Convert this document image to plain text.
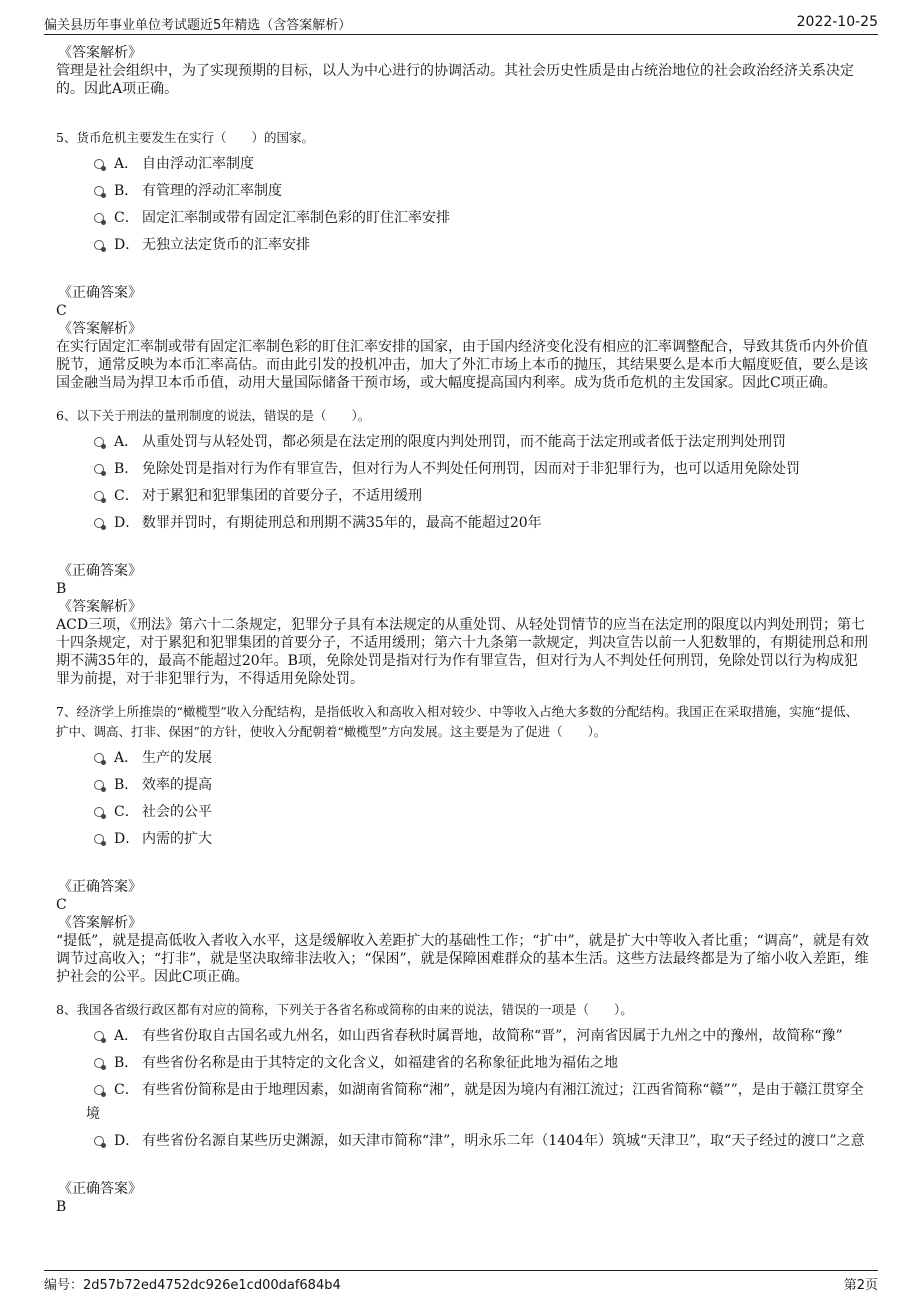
偏关县历年事业单位考试题近5年精选（含答案解析）	2022-10-25
《答案解析》

管理是社会组织中，为了实现预期的目标，以人为中心进行的协调活动。其社会历史性质是由占统治地位的社会政治经济关系决定的。因此A项正确。

5、货币危机主要发生在实行（　　）的国家。

A． 自由浮动汇率制度
B． 有管理的浮动汇率制度
C． 固定汇率制或带有固定汇率制色彩的盯住汇率安排
D． 无独立法定货币的汇率安排
《正确答案》
C
《答案解析》

在实行固定汇率制或带有固定汇率制色彩的盯住汇率安排的国家，由于国内经济变化没有相应的汇率调整配合，导致其货币内外价值脱节，通常反映为本币汇率高估。而由此引发的投机冲击，加大了外汇市场上本币的抛压，其结果要么是本币大幅度贬值，要么是该国金融当局为捍卫本币币值，动用大量国际储备干预市场，或大幅度提高国内利率。成为货币危机的主发国家。因此C项正确。

6、以下关于刑法的量刑制度的说法，错误的是（　　）。

A． 从重处罚与从轻处罚，都必须是在法定刑的限度内判处刑罚，而不能高于法定刑或者低于法定刑判处刑罚
B． 免除处罚是指对行为作有罪宣告，但对行为人不判处任何刑罚，因而对于非犯罪行为，也可以适用免除处罚
C． 对于累犯和犯罪集团的首要分子，不适用缓刑
D． 数罪并罚时，有期徒刑总和刑期不满35年的，最高不能超过20年
《正确答案》
B
《答案解析》

ACD三项，《刑法》第六十二条规定，犯罪分子具有本法规定的从重处罚、从轻处罚情节的应当在法定刑的限度以内判处刑罚；第七十四条规定，对于累犯和犯罪集团的首要分子，不适用缓刑；第六十九条第一款规定，判决宣告以前一人犯数罪的，有期徒刑总和刑期不满35年的，最高不能超过20年。B项，免除处罚是指对行为作有罪宣告，但对行为人不判处任何刑罚，免除处罚以行为构成犯罪为前提，对于非犯罪行为，不得适用免除处罚。

7、经济学上所推崇的“橄榄型”收入分配结构，是指低收入和高收入相对较少、中等收入占绝大多数的分配结构。我国正在采取措施，实施“提低、扩中、调高、打非、保困”的方针，使收入分配朝着“橄榄型”方向发展。这主要是为了促进（　　）。

A． 生产的发展
B． 效率的提高
C． 社会的公平
D． 内需的扩大
《正确答案》
C
《答案解析》

“提低”，就是提高低收入者收入水平，这是缓解收入差距扩大的基础性工作；“扩中”，就是扩大中等收入者比重；“调高”，就是有效调节过高收入；“打非”，就是坚决取缔非法收入；“保困”，就是保障困难群众的基本生活。这些方法最终都是为了缩小收入差距，维护社会的公平。因此C项正确。

8、我国各省级行政区都有对应的简称，下列关于各省名称或简称的由来的说法，错误的一项是（　　）。

A． 有些省份取自古国名或九州名，如山西省春秋时属晋地，故简称“晋”，河南省因属于九州之中的豫州，故简称“豫”
B． 有些省份名称是由于其特定的文化含义，如福建省的名称象征此地为福佑之地
C． 有些省份简称是由于地理因素，如湖南省简称“湘”，就是因为境内有湘江流过；江西省简称“赣””，是由于赣江贯穿全境
D． 有些省份名源自某些历史渊源，如天津市简称“津”，明永乐二年（1404年）筑城“天津卫”，取“天子经过的渡口”之意
《正确答案》
B
编号：2d57b72ed4752dc926e1cd00daf684b4	第2页
